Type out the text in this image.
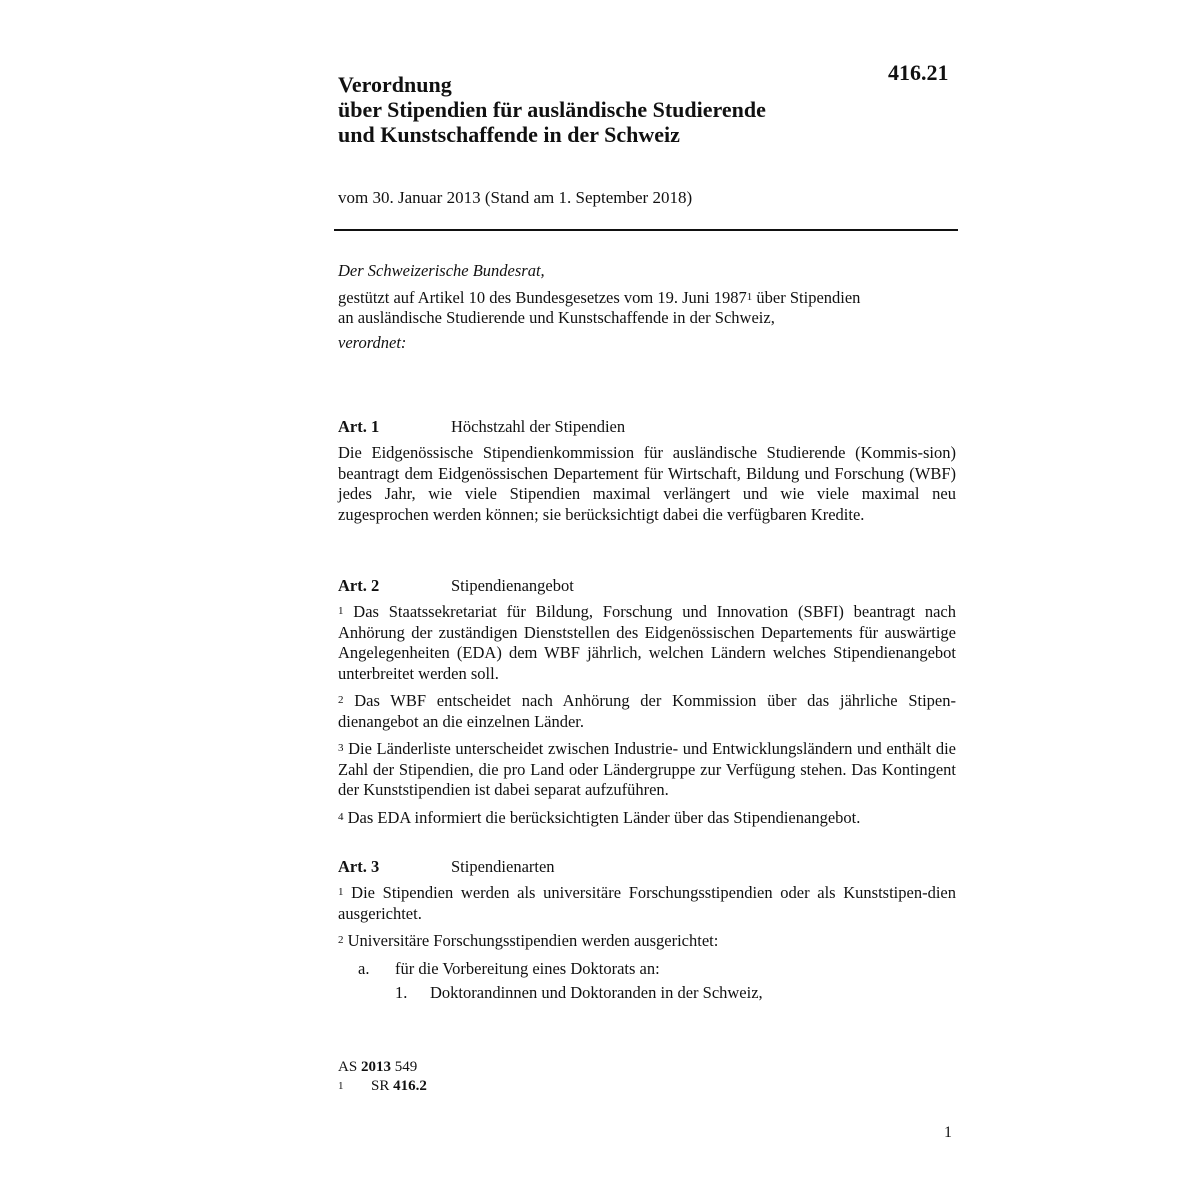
416.21
Verordnung
über Stipendien für ausländische Studierende
und Kunstschaffende in der Schweiz
vom 30. Januar 2013 (Stand am 1. September 2018)
Der Schweizerische Bundesrat,
gestützt auf Artikel 10 des Bundesgesetzes vom 19. Juni 1987$^1$ über Stipendien
an ausländische Studierende und Kunstschaffende in der Schweiz,
verordnet:
Art. 1	Höchstzahl der Stipendien
Die Eidgenössische Stipendienkommission für ausländische Studierende (Kommis-sion) beantragt dem Eidgenössischen Departement für Wirtschaft, Bildung und Forschung (WBF) jedes Jahr, wie viele Stipendien maximal verlängert und wie viele maximal neu zugesprochen werden können; sie berücksichtigt dabei die verfügbaren Kredite.
Art. 2	Stipendienangebot
$^1$ Das Staatssekretariat für Bildung, Forschung und Innovation (SBFI) beantragt nach Anhörung der zuständigen Dienststellen des Eidgenössischen Departements für auswärtige Angelegenheiten (EDA) dem WBF jährlich, welchen Ländern welches Stipendienangebot unterbreitet werden soll.
$^2$ Das WBF entscheidet nach Anhörung der Kommission über das jährliche Stipen-dienangebot an die einzelnen Länder.
$^3$ Die Länderliste unterscheidet zwischen Industrie- und Entwicklungsländern und enthält die Zahl der Stipendien, die pro Land oder Ländergruppe zur Verfügung stehen. Das Kontingent der Kunststipendien ist dabei separat aufzuführen.
$^4$ Das EDA informiert die berücksichtigten Länder über das Stipendienangebot.
Art. 3	Stipendienarten
$^1$ Die Stipendien werden als universitäre Forschungsstipendien oder als Kunststipen-dien ausgerichtet.
$^2$ Universitäre Forschungsstipendien werden ausgerichtet:
a.	für die Vorbereitung eines Doktorats an:
1.	Doktorandinnen und Doktoranden in der Schweiz,
AS 2013 549
1 SR 416.2
1
